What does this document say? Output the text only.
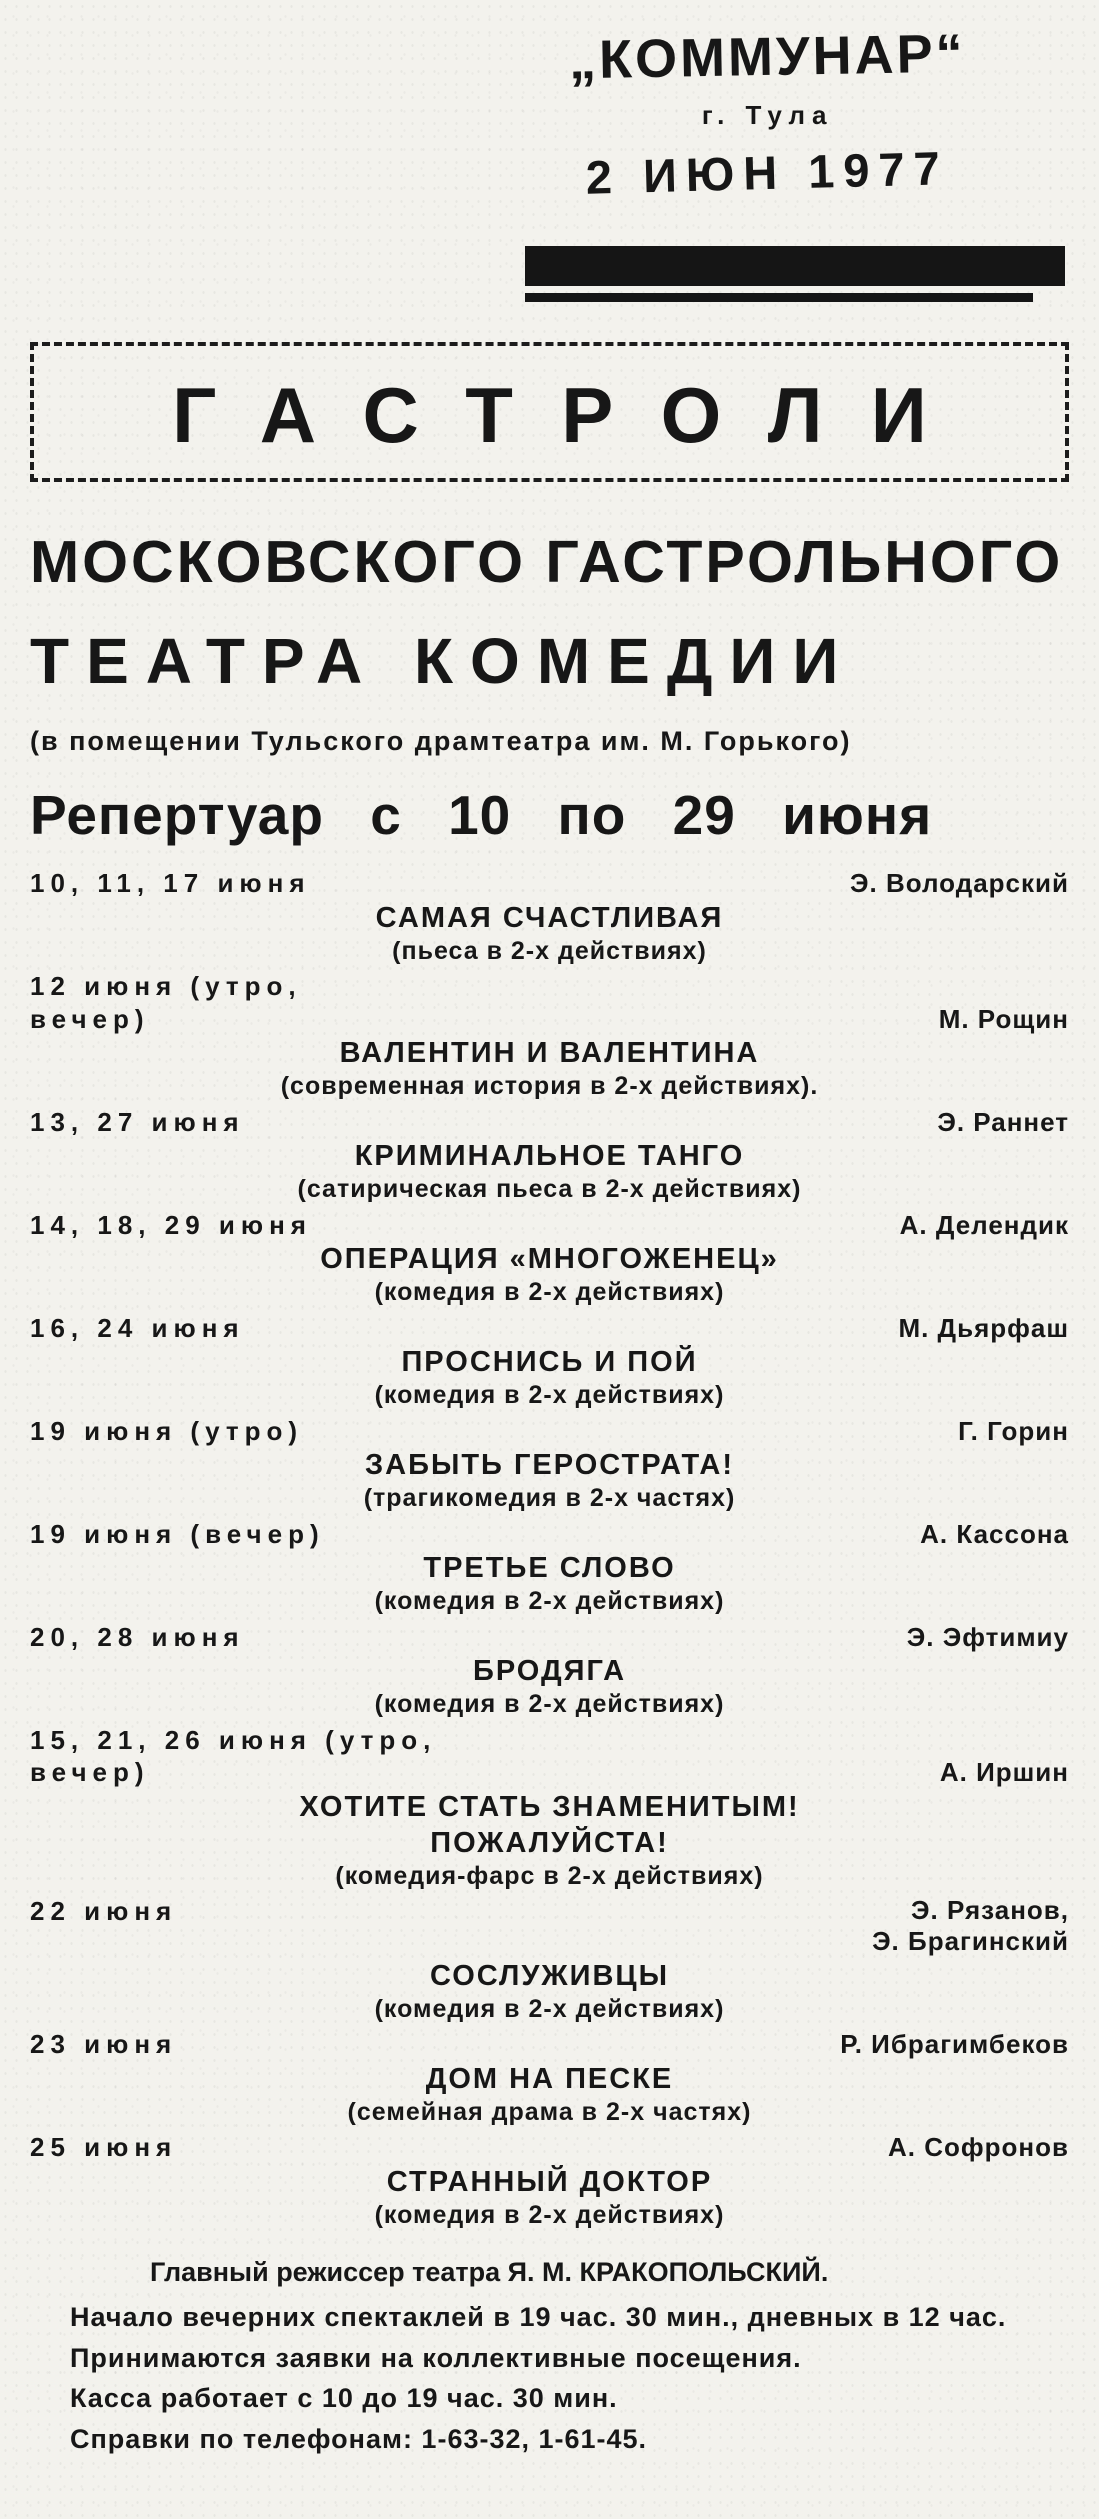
„КОММУНАР“
г. Тула
2 ИЮН 1977
ГАСТРОЛИ
МОСКОВСКОГО ГАСТРОЛЬНОГО
ТЕАТРА КОМЕДИИ
(в помещении Тульского драмтеатра им. М. Горького)
Репертуар с 10 по 29 июня
10, 11, 17 июня	Э. Володарский
САМАЯ СЧАСТЛИВАЯ
(пьеса в 2-х действиях)
12 июня (утро,
вечер)	М. Рощин
ВАЛЕНТИН И ВАЛЕНТИНА
(современная история в 2-х действиях).
13, 27 июня	Э. Раннет
КРИМИНАЛЬНОЕ ТАНГО
(сатирическая пьеса в 2-х действиях)
14, 18, 29 июня	А. Делендик
ОПЕРАЦИЯ «МНОГОЖЕНЕЦ»
(комедия в 2-х действиях)
16, 24 июня	М. Дьярфаш
ПРОСНИСЬ И ПОЙ
(комедия в 2-х действиях)
19 июня (утро)	Г. Горин
ЗАБЫТЬ ГЕРОСТРАТА!
(трагикомедия в 2-х частях)
19 июня (вечер)	А. Кассона
ТРЕТЬЕ СЛОВО
(комедия в 2-х действиях)
20, 28 июня	Э. Эфтимиу
БРОДЯГА
(комедия в 2-х действиях)
15, 21, 26 июня (утро,
вечер)	А. Иршин
ХОТИТЕ СТАТЬ ЗНАМЕНИТЫМ!
ПОЖАЛУЙСТА!
(комедия-фарс в 2-х действиях)
22 июня	Э. Рязанов,
Э. Брагинский
СОСЛУЖИВЦЫ
(комедия в 2-х действиях)
23 июня	Р. Ибрагимбеков
ДОМ НА ПЕСКЕ
(семейная драма в 2-х частях)
25 июня	А. Софронов
СТРАННЫЙ ДОКТОР
(комедия в 2-х действиях)
Главный режиссер театра Я. М. КРАКОПОЛЬСКИЙ.
Начало вечерних спектаклей в 19 час. 30 мин., дневных в 12 час.
Принимаются заявки на коллективные посещения.
Касса работает с 10 до 19 час. 30 мин.
Справки по телефонам: 1-63-32, 1-61-45.
